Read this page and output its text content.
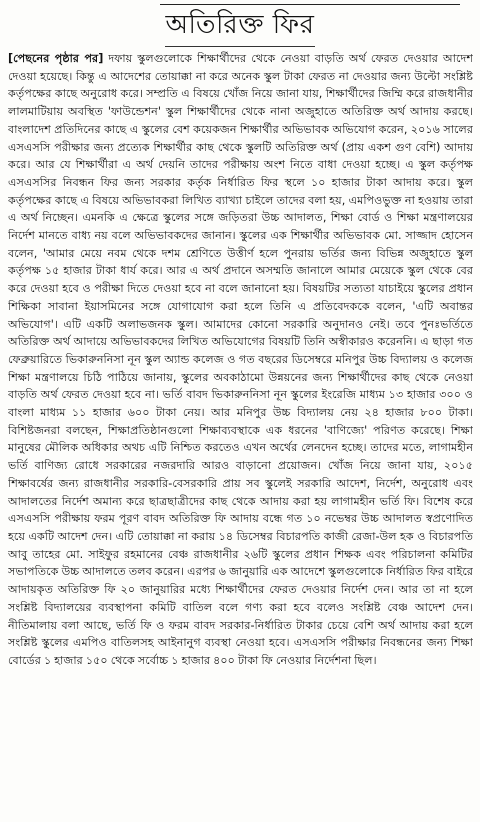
অতিরিক্ত ফির

[পেছনের পৃষ্ঠার পর] দফায় স্কুলগুলোকে শিক্ষার্থীদের থেকে নেওয়া বাড়তি অর্থ ফেরত দেওয়ার আদেশ দেওয়া হয়েছে। কিন্তু এ আদেশের তোয়াক্কা না করে অনেক স্কুল টাকা ফেরত না দেওয়ার জন্য উল্টো সংশ্লিষ্ট কর্তৃপক্ষের কাছে অনুরোধ করে। সম্প্রতি এ বিষয়ে খোঁজ নিয়ে জানা যায়, শিক্ষার্থীদের জিম্মি করে রাজধানীর লালমাটিয়ায় অবস্থিত 'ফাউন্ডেশন' স্কুল শিক্ষার্থীদের থেকে নানা অজুহাতে অতিরিক্ত অর্থ আদায় করছে। বাংলাদেশ প্রতিদিনের কাছে এ স্কুলের বেশ কয়েকজন শিক্ষার্থীর অভিভাবক অভিযোগ করেন, ২০১৬ সালের এসএসসি পরীক্ষার জন্য প্রত্যেক শিক্ষার্থীর কাছ থেকে স্কুলটি অতিরিক্ত অর্থ (প্রায় একশ গুণ বেশি) আদায় করে। আর যে শিক্ষার্থীরা এ অর্থ দেয়নি তাদের পরীক্ষায় অংশ নিতে বাধা দেওয়া হচ্ছে। এ স্কুল কর্তৃপক্ষ এসএসসির নিবন্ধন ফির জন্য সরকার কর্তৃক নির্ধারিত ফির স্থলে ১০ হাজার টাকা আদায় করে। স্কুল কর্তৃপক্ষের কাছে এ বিষয়ে অভিভাবকরা লিখিত ব্যাখ্যা চাইলে তাদের বলা হয়, এমপিওভুক্ত না হওয়ায় তারা এ অর্থ নিচ্ছেন। এমনকি এ ক্ষেত্রে স্কুলের সঙ্গে জড়িতরা উচ্চ আদালত, শিক্ষা বোর্ড ও শিক্ষা মন্ত্রণালয়ের নির্দেশ মানতে বাধ্য নয় বলে অভিভাবকদের জানান। স্কুলের এক শিক্ষার্থীর অভিভাবক মো. সাজ্জাদ হোসেন বলেন, 'আমার মেয়ে নবম থেকে দশম শ্রেণিতে উত্তীর্ণ হলে পুনরায় ভর্তির জন্য বিভিন্ন অজুহাতে স্কুল কর্তৃপক্ষ ১৫ হাজার টাকা ধার্য করে। আর এ অর্থ প্রদানে অসম্মতি জানালে আমার মেয়েকে স্কুল থেকে বের করে দেওয়া হবে ও পরীক্ষা দিতে দেওয়া হবে না বলে জানানো হয়। বিষয়টির সত্যতা যাচাইয়ে স্কুলের প্রধান শিক্ষিকা সাবানা ইয়াসমিনের সঙ্গে যোগাযোগ করা হলে তিনি এ প্রতিবেদককে বলেন, 'এটি অবান্তর অভিযোগ'। এটি একটি অলাভজনক স্কুল। আমাদের কোনো সরকারি অনুদানও নেই। তবে পুনঃভর্তিতে অতিরিক্ত অর্থ আদায়ে অভিভাবকদের লিখিত অভিযোগের বিষয়টি তিনি অস্বীকারও করেননি। এ ছাড়া গত ফেব্রুয়ারিতে ভিকারুননিসা নূন স্কুল অ্যান্ড কলেজ ও গত বছরের ডিসেম্বরে মনিপুর উচ্চ বিদ্যালয় ও কলেজ শিক্ষা মন্ত্রণালয়ে চিঠি পাঠিয়ে জানায়, স্কুলের অবকাঠামো উন্নয়নের জন্য শিক্ষার্থীদের কাছ থেকে নেওয়া বাড়তি অর্থ ফেরত দেওয়া হবে না। ভর্তি বাবদ ভিকারুননিসা নূন স্কুলের ইংরেজি মাধ্যম ১৩ হাজার ৩০০ ও বাংলা মাধ্যম ১১ হাজার ৬০০ টাকা নেয়। আর মনিপুর উচ্চ বিদ্যালয় নেয় ২৪ হাজার ৮০০ টাকা। বিশিষ্টজনরা বলছেন, শিক্ষাপ্রতিষ্ঠানগুলো শিক্ষাব্যবস্থাকে এক ধরনের 'বাণিজ্যে' পরিণত করেছে। শিক্ষা মানুষের মৌলিক অধিকার অথচ এটি নিশ্চিত করতেও এখন অর্থের লেনদেন হচ্ছে। তাদের মতে, লাগামহীন ভর্তি বাণিজ্য রোধে সরকারের নজরদারি আরও বাড়ানো প্রয়োজন। খোঁজ নিয়ে জানা যায়, ২০১৫ শিক্ষাবর্ষের জন্য রাজধানীর সরকারি-বেসরকারি প্রায় সব স্কুলেই সরকারি আদেশ, নির্দেশ, অনুরোধ এবং আদালতের নির্দেশ অমান্য করে ছাত্রছাত্রীদের কাছ থেকে আদায় করা হয় লাগামহীন ভর্তি ফি। বিশেষ করে এসএসসি পরীক্ষায় ফরম পূরণ বাবদ অতিরিক্ত ফি আদায় বন্ধে গত ১০ নভেম্বর উচ্চ আদালত স্বপ্রণোদিত হয়ে একটি আদেশ দেন। এটি তোয়াক্কা না করায় ১৪ ডিসেম্বর বিচারপতি কাজী রেজা-উল হক ও বিচারপতি আবু তাহের মো. সাইফুর রহমানের বেঞ্চ রাজধানীর ২৬টি স্কুলের প্রধান শিক্ষক এবং পরিচালনা কমিটির সভাপতিকে উচ্চ আদালতে তলব করেন। এরপর ৬ জানুয়ারি এক আদেশে স্কুলগুলোকে নির্ধারিত ফির বাইরে আদায়কৃত অতিরিক্ত ফি ২০ জানুয়ারির মধ্যে শিক্ষার্থীদের ফেরত দেওয়ার নির্দেশ দেন। আর তা না হলে সংশ্লিষ্ট বিদ্যালয়ের ব্যবস্থাপনা কমিটি বাতিল বলে গণ্য করা হবে বলেও সংশ্লিষ্ট বেঞ্চ আদেশ দেন। নীতিমালায় বলা আছে, ভর্তি ফি ও ফরম বাবদ সরকার-নির্ধারিত টাকার চেয়ে বেশি অর্থ আদায় করা হলে সংশ্লিষ্ট স্কুলের এমপিও বাতিলসহ আইনানুগ ব্যবস্থা নেওয়া হবে। এসএসসি পরীক্ষার নিবন্ধনের জন্য শিক্ষা বোর্ডের ১ হাজার ১৫০ থেকে সর্বোচ্চ ১ হাজার ৪০০ টাকা ফি নেওয়ার নির্দেশনা ছিল।
